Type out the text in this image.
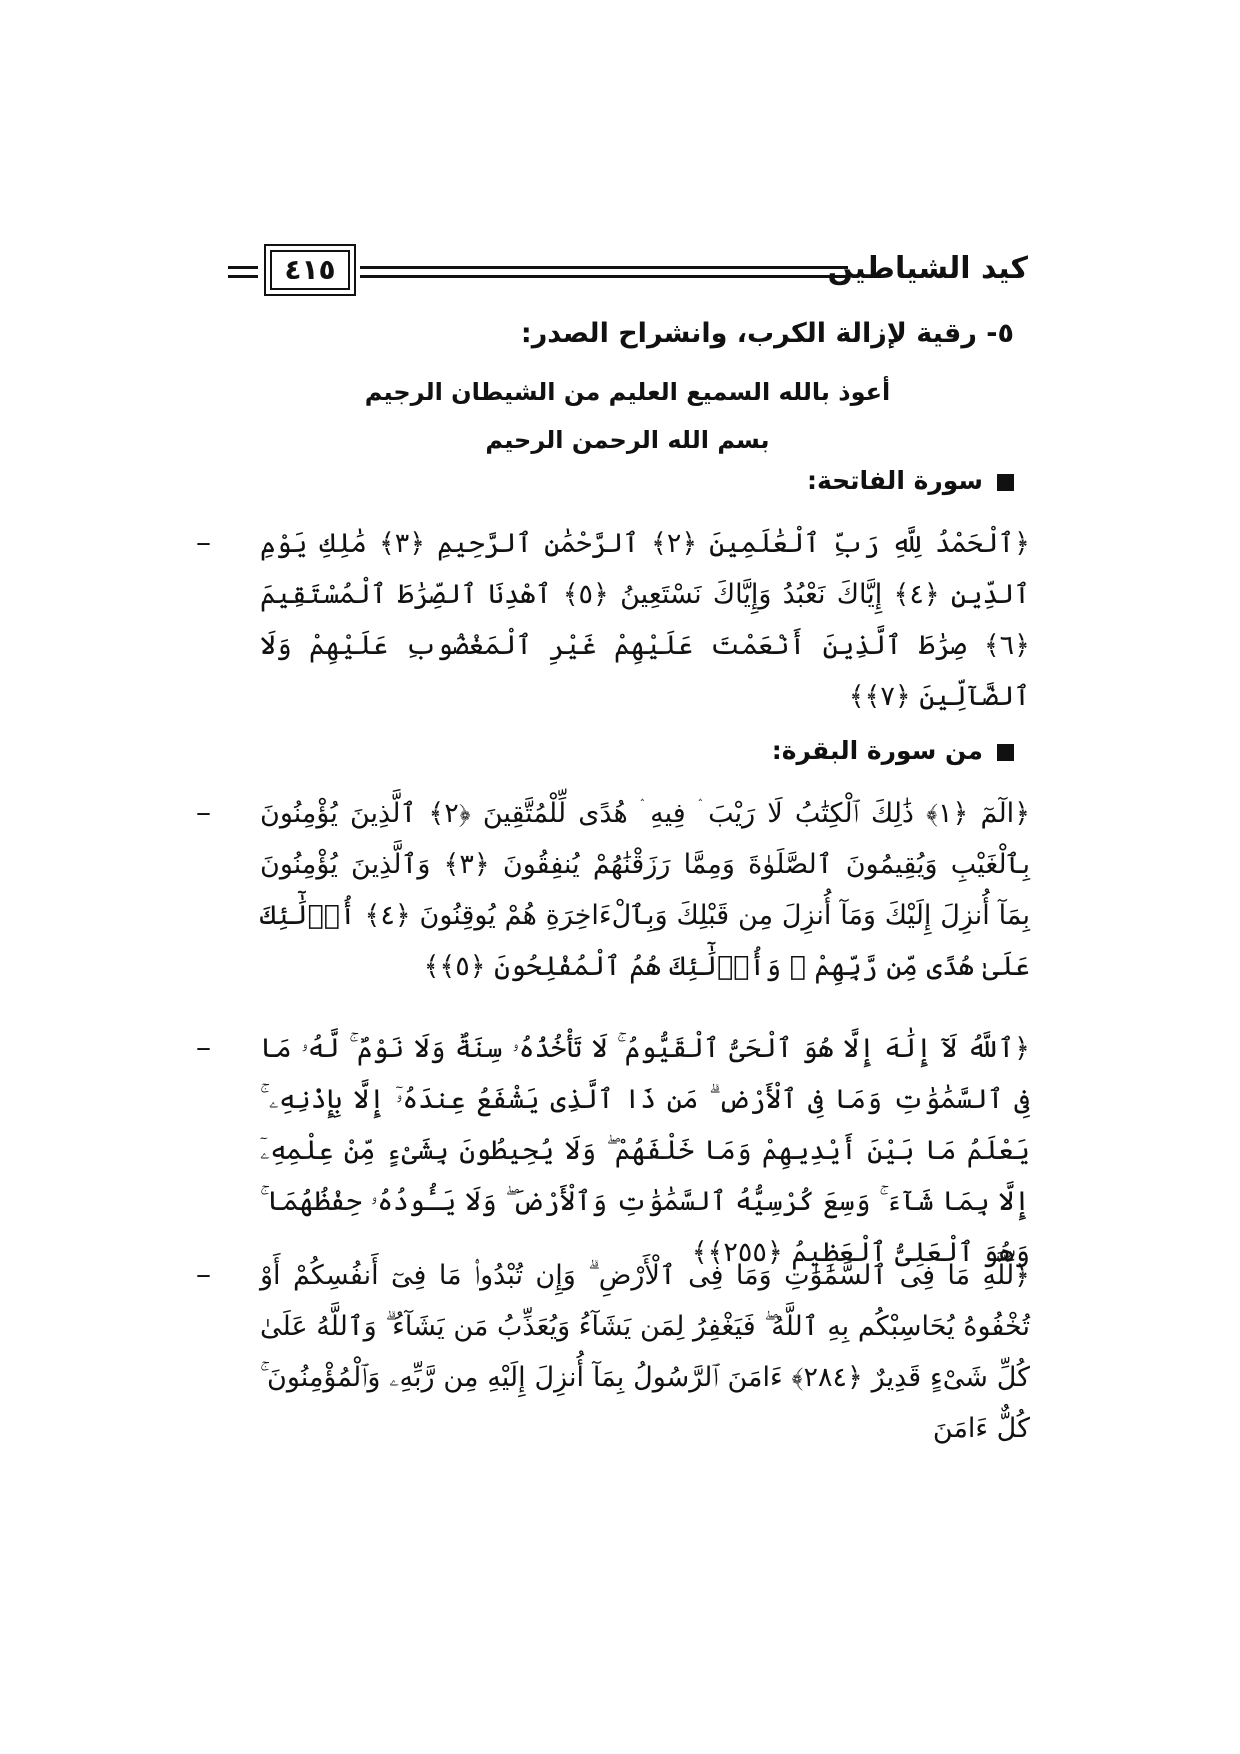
٤١٥	كيد الشياطين
٥- رقية لإزالة الكرب، وانشراح الصدر:
أعوذ بالله السميع العليم من الشيطان الرجيم
بسم الله الرحمن الرحيم
سورة الفاتحة:
– ﴿ٱلْحَمْدُ لِلَّهِ رَبِّ ٱلْعَٰلَمِينَ ﴿٢﴾ ٱلرَّحْمَٰنِ ٱلرَّحِيمِ ﴿٣﴾ مَٰلِكِ يَوْمِ ٱلدِّينِ ﴿٤﴾ إِيَّاكَ نَعْبُدُ وَإِيَّاكَ نَسْتَعِينُ ﴿٥﴾ ٱهْدِنَا ٱلصِّرَٰطَ ٱلْمُسْتَقِيمَ ﴿٦﴾ صِرَٰطَ ٱلَّذِينَ أَنْعَمْتَ عَلَيْهِمْ غَيْرِ ٱلْمَغْضُوبِ عَلَيْهِمْ وَلَا ٱلضَّآلِّينَ ﴿٧﴾﴾
من سورة البقرة:
– ﴿الٓمٓ ﴿١﴾ ذَٰلِكَ ٱلْكِتَٰبُ لَا رَيْبَ ۛ فِيهِ ۛ هُدًى لِّلْمُتَّقِينَ ﴿٢﴾ ٱلَّذِينَ يُؤْمِنُونَ بِٱلْغَيْبِ وَيُقِيمُونَ ٱلصَّلَوٰةَ وَمِمَّا رَزَقْنَٰهُمْ يُنفِقُونَ ﴿٣﴾ وَٱلَّذِينَ يُؤْمِنُونَ بِمَآ أُنزِلَ إِلَيْكَ وَمَآ أُنزِلَ مِن قَبْلِكَ وَبِٱلْءَاخِرَةِ هُمْ يُوقِنُونَ ﴿٤﴾ أُو۟لَٰٓئِكَ عَلَىٰ هُدًى مِّن رَّبِّهِمْ ۖ وَأُو۟لَٰٓئِكَ هُمُ ٱلْمُفْلِحُونَ ﴿٥﴾﴾
– ﴿ٱللَّهُ لَآ إِلَٰهَ إِلَّا هُوَ ٱلْحَىُّ ٱلْقَيُّومُ ۚ لَا تَأْخُذُهُۥ سِنَةٌ وَلَا نَوْمٌ ۚ لَّهُۥ مَا فِى ٱلسَّمَٰوَٰتِ وَمَا فِى ٱلْأَرْضِ ۗ مَن ذَا ٱلَّذِى يَشْفَعُ عِندَهُۥٓ إِلَّا بِإِذْنِهِۦ ۚ يَعْلَمُ مَا بَيْنَ أَيْدِيهِمْ وَمَا خَلْفَهُمْ ۖ وَلَا يُحِيطُونَ بِشَىْءٍ مِّنْ عِلْمِهِۦٓ إِلَّا بِمَا شَآءَ ۚ وَسِعَ كُرْسِيُّهُ ٱلسَّمَٰوَٰتِ وَٱلْأَرْضَ ۖ وَلَا يَـُٔودُهُۥ حِفْظُهُمَا ۚ وَهُوَ ٱلْعَلِىُّ ٱلْعَظِيمُ ﴿٢٥٥﴾﴾
– ﴿لِّلَّهِ مَا فِى ٱلسَّمَٰوَٰتِ وَمَا فِى ٱلْأَرْضِ ۗ وَإِن تُبْدُوا۟ مَا فِىٓ أَنفُسِكُمْ أَوْ تُخْفُوهُ يُحَاسِبْكُم بِهِ ٱللَّهُ ۖ فَيَغْفِرُ لِمَن يَشَآءُ وَيُعَذِّبُ مَن يَشَآءُ ۗ وَٱللَّهُ عَلَىٰ كُلِّ شَىْءٍ قَدِيرٌ ﴿٢٨٤﴾ ءَامَنَ ٱلرَّسُولُ بِمَآ أُنزِلَ إِلَيْهِ مِن رَّبِّهِۦ وَٱلْمُؤْمِنُونَ ۚ كُلٌّ ءَامَنَ
